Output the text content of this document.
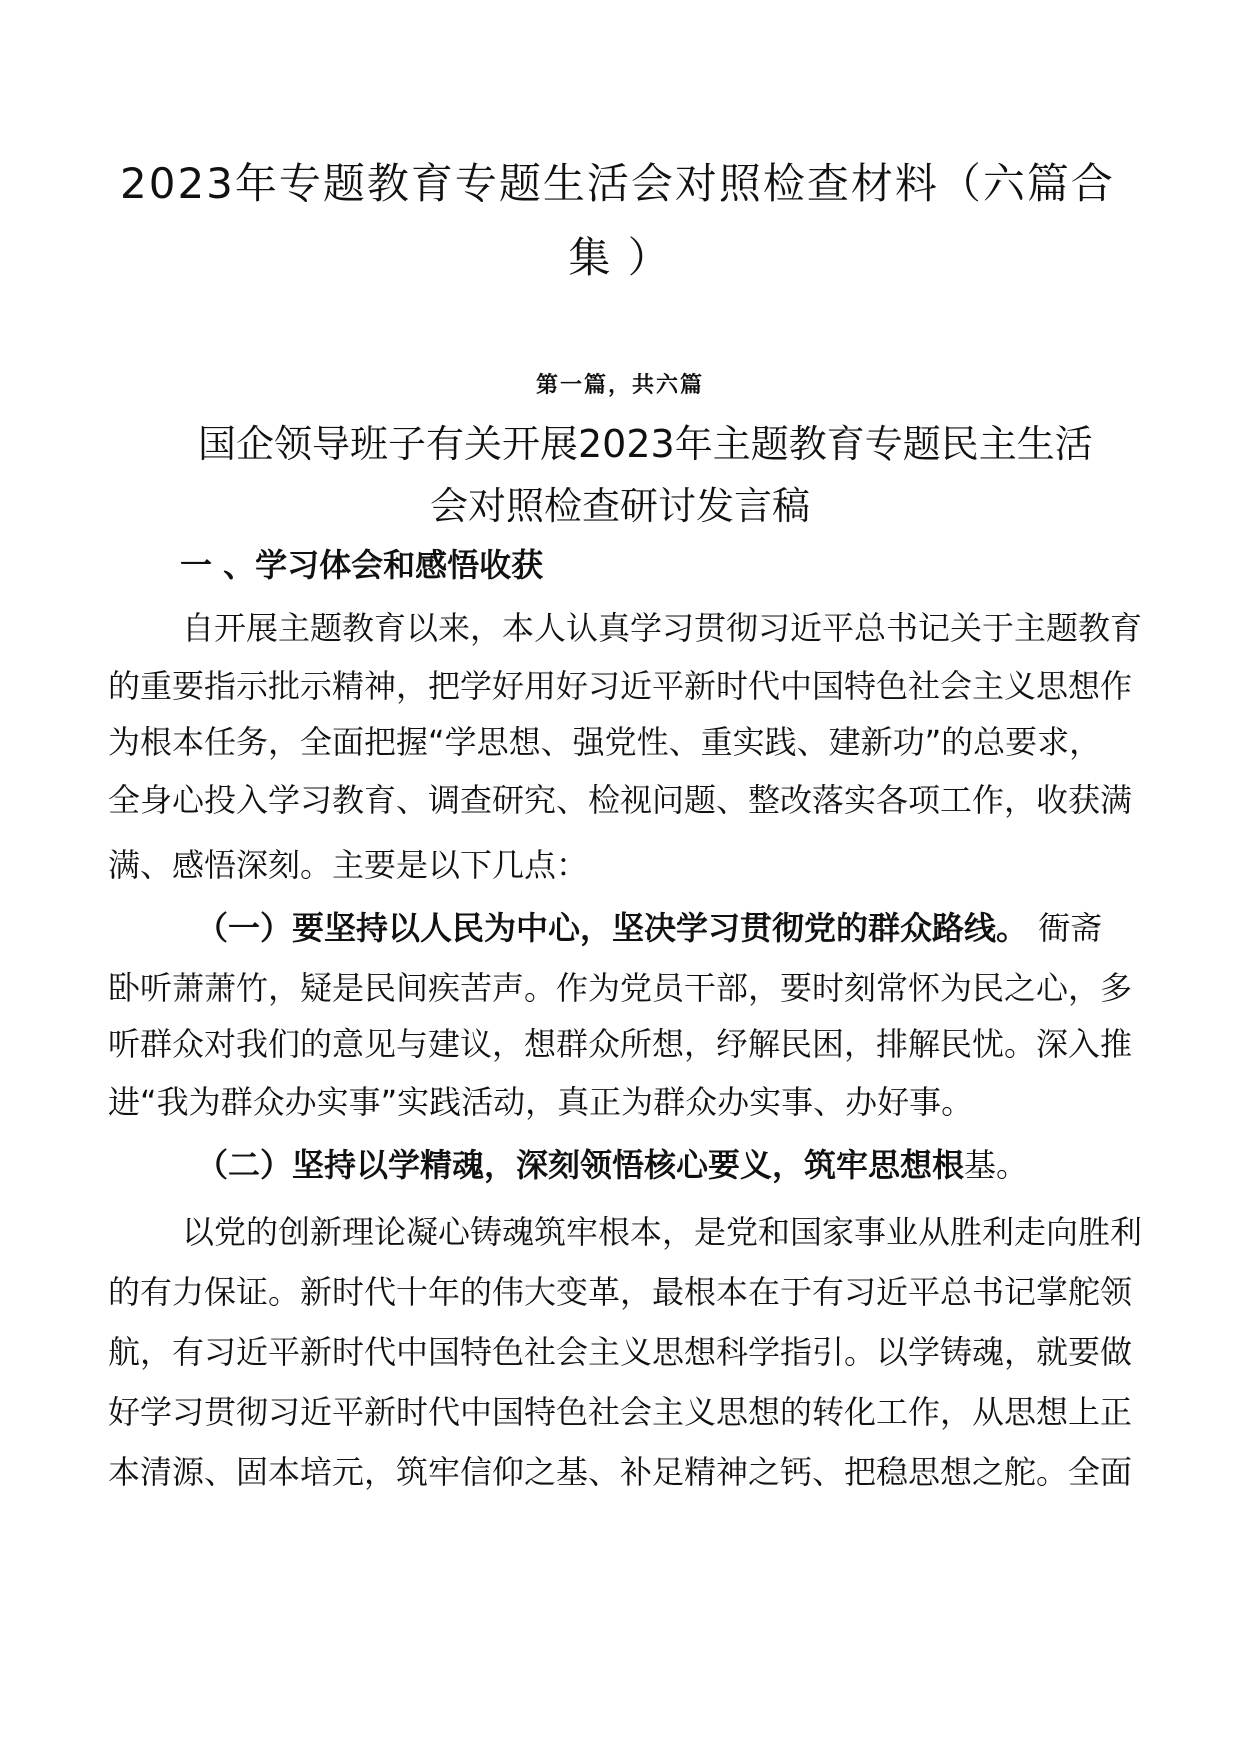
2023年专题教育专题生活会对照检查材料（六篇合
集 ）
第一篇，共六篇
国企领导班子有关开展2023年主题教育专题民主生活
会对照检查研讨发言稿
一 、学习体会和感悟收获
自开展主题教育以来，本人认真学习贯彻习近平总书记关于主题教育
的重要指示批示精神，把学好用好习近平新时代中国特色社会主义思想作
为根本任务，全面把握“学思想、强党性、重实践、建新功”的总要求，
全身心投入学习教育、调查研究、检视问题、整改落实各项工作，收获满
满、感悟深刻。主要是以下几点：
（一）要坚持以人民为中心，坚决学习贯彻党的群众路线。 衙斋
卧听萧萧竹，疑是民间疾苦声。作为党员干部，要时刻常怀为民之心，多
听群众对我们的意见与建议，想群众所想，纾解民困，排解民忧。深入推
进“我为群众办实事”实践活动，真正为群众办实事、办好事。
（二）坚持以学精魂，深刻领悟核心要义，筑牢思想根基。
以党的创新理论凝心铸魂筑牢根本，是党和国家事业从胜利走向胜利
的有力保证。新时代十年的伟大变革，最根本在于有习近平总书记掌舵领
航，有习近平新时代中国特色社会主义思想科学指引。以学铸魂，就要做
好学习贯彻习近平新时代中国特色社会主义思想的转化工作，从思想上正
本清源、固本培元，筑牢信仰之基、补足精神之钙、把稳思想之舵。全面
